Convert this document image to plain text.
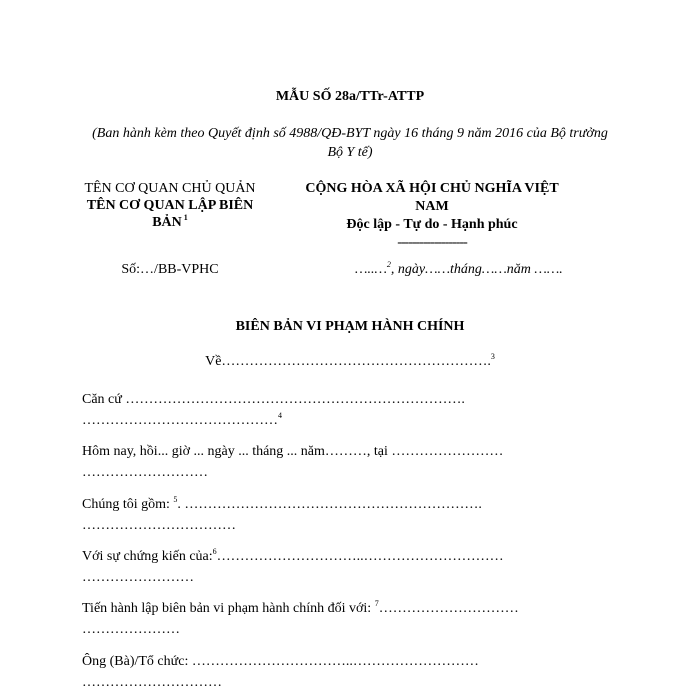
MẪU SỐ 28a/TTr-ATTP
(Ban hành kèm theo Quyết định số 4988/QĐ-BYT ngày 16 tháng 9 năm 2016 của Bộ trưởng Bộ Y tế)
TÊN CƠ QUAN CHỦ QUẢN
TÊN CƠ QUAN LẬP BIÊN BẢN $^1$
CỘNG HÒA XÃ HỘI CHỦ NGHĨA VIỆT NAM
Độc lập - Tự do - Hạnh phúc
-------------------
Số:…/BB-VPHC	…..…$^2$, ngày……tháng……năm …….
BIÊN BẢN VI PHẠM HÀNH CHÍNH
Về………………………………………………….$^3$
Căn cứ ………………………………………………………………. ……………………………………$^4$
Hôm nay, hồi... giờ ... ngày ... tháng ... năm………, tại …………………… ………………………
Chúng tôi gồm: $^5$. ………………………………………………………. ……………………………
Với sự chứng kiến của:$^6$…………………………..………………………… ……………………
Tiến hành lập biên bản vi phạm hành chính đối với: $^7$………………………… …………………
Ông (Bà)/Tổ chức: ……………………………..……………………… …………………………
